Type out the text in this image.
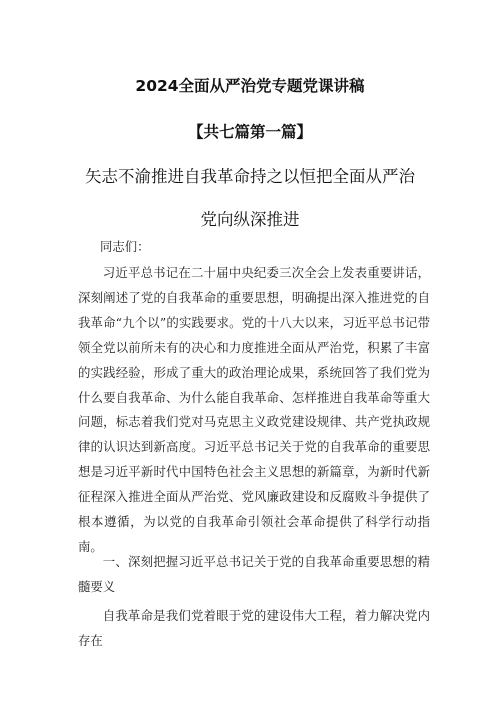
2024全面从严治党专题党课讲稿
【共七篇第一篇】
矢志不渝推进自我革命持之以恒把全面从严治
党向纵深推进
同志们：

习近平总书记在二十届中央纪委三次全会上发表重要讲话，深刻阐述了党的自我革命的重要思想，明确提出深入推进党的自我革命“九个以”的实践要求。党的十八大以来，习近平总书记带领全党以前所未有的决心和力度推进全面从严治党，积累了丰富的实践经验，形成了重大的政治理论成果，系统回答了我们党为什么要自我革命、为什么能自我革命、怎样推进自我革命等重大问题，标志着我们党对马克思主义政党建设规律、共产党执政规律的认识达到新高度。习近平总书记关于党的自我革命的重要思想是习近平新时代中国特色社会主义思想的新篇章，为新时代新征程深入推进全面从严治党、党风廉政建设和反腐败斗争提供了根本遵循，为以党的自我革命引领社会革命提供了科学行动指南。

一、深刻把握习近平总书记关于党的自我革命重要思想的精髓要义

自我革命是我们党着眼于党的建设伟大工程，着力解决党内存在
